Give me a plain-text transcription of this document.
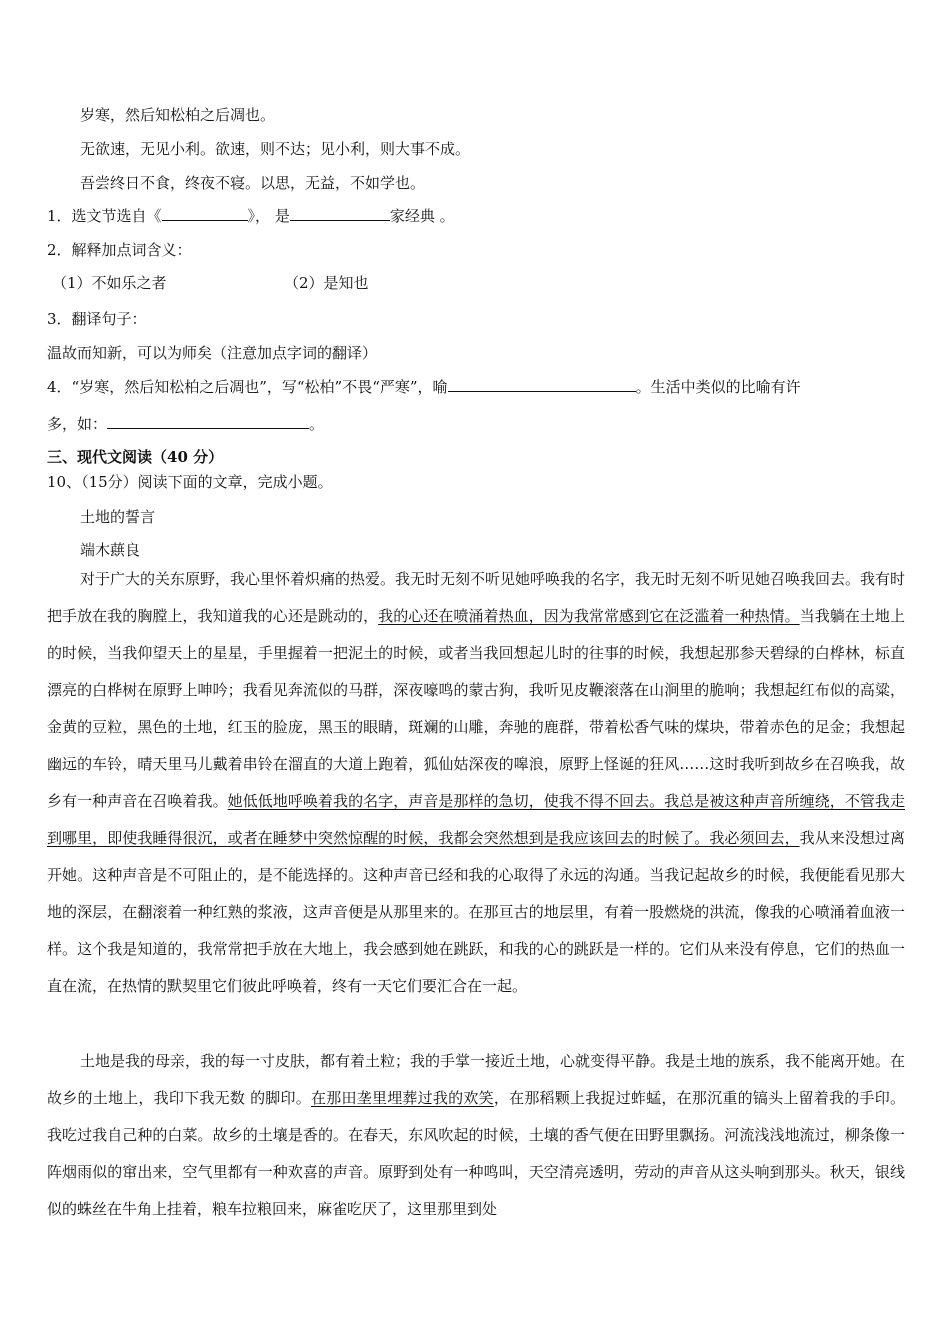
岁寒，然后知松柏之后凋也。
无欲速，无见小利。欲速，则不达；见小利，则大事不成。
吾尝终日不食，终夜不寝。以思，无益，不如学也。
1．选文节选自《	》， 是	家经典 。
2．解释加点词含义：
（1）不如乐之者	（2）是知也
3．翻译句子：
温故而知新，可以为师矣（注意加点字词的翻译）
4．“岁寒，然后知松柏之后凋也”，写“松柏”不畏“严寒”，喻	。生活中类似的比喻有许
多，如：	。
三、现代文阅读（40 分）
10、（15分）阅读下面的文章，完成小题。
土地的誓言
端木蕻良

对于广大的关东原野，我心里怀着炽痛的热爱。我无时无刻不听见她呼唤我的名字，我无时无刻不听见她召唤我回去。我有时把手放在我的胸膛上，我知道我的心还是跳动的，我的心还在喷涌着热血，因为我常常感到它在泛滥着一种热情。当我躺在土地上的时候，当我仰望天上的星星，手里握着一把泥土的时候，或者当我回想起儿时的往事的时候，我想起那参天碧绿的白桦林，标直漂亮的白桦树在原野上呻吟；我看见奔流似的马群，深夜嚎鸣的蒙古狗，我听见皮鞭滚落在山涧里的脆响；我想起红布似的高粱，金黄的豆粒，黑色的土地，红玉的脸庞，黑玉的眼睛，斑斓的山雕，奔驰的鹿群，带着松香气味的煤块，带着赤色的足金；我想起幽远的车铃，晴天里马儿戴着串铃在溜直的大道上跑着，狐仙姑深夜的嗥浪，原野上怪诞的狂风……这时我听到故乡在召唤我，故乡有一种声音在召唤着我。她低低地呼唤着我的名字，声音是那样的急切，使我不得不回去。我总是被这种声音所缠绕，不管我走到哪里，即使我睡得很沉，或者在睡梦中突然惊醒的时候，我都会突然想到是我应该回去的时候了。我必须回去，我从来没想过离开她。这种声音是不可阻止的，是不能选择的。这种声音已经和我的心取得了永远的沟通。当我记起故乡的时候，我便能看见那大地的深层，在翻滚着一种红熟的浆液，这声音便是从那里来的。在那亘古的地层里，有着一股燃烧的洪流，像我的心喷涌着血液一样。这个我是知道的，我常常把手放在大地上，我会感到她在跳跃，和我的心的跳跃是一样的。它们从来没有停息，它们的热血一直在流，在热情的默契里它们彼此呼唤着，终有一天它们要汇合在一起。

土地是我的母亲，我的每一寸皮肤，都有着土粒；我的手掌一接近土地，心就变得平静。我是土地的族系，我不能离开她。在故乡的土地上，我印下我无数 的脚印。在那田垄里埋葬过我的欢笑，在那稻颗上我捉过蚱蜢，在那沉重的镐头上留着我的手印。我吃过我自己种的白菜。故乡的土壤是香的。在春天，东风吹起的时候，土壤的香气便在田野里飘扬。河流浅浅地流过，柳条像一阵烟雨似的窜出来，空气里都有一种欢喜的声音。原野到处有一种鸣叫，天空清亮透明，劳动的声音从这头响到那头。秋天，银线似的蛛丝在牛角上挂着，粮车拉粮回来，麻雀吃厌了，这里那里到处
